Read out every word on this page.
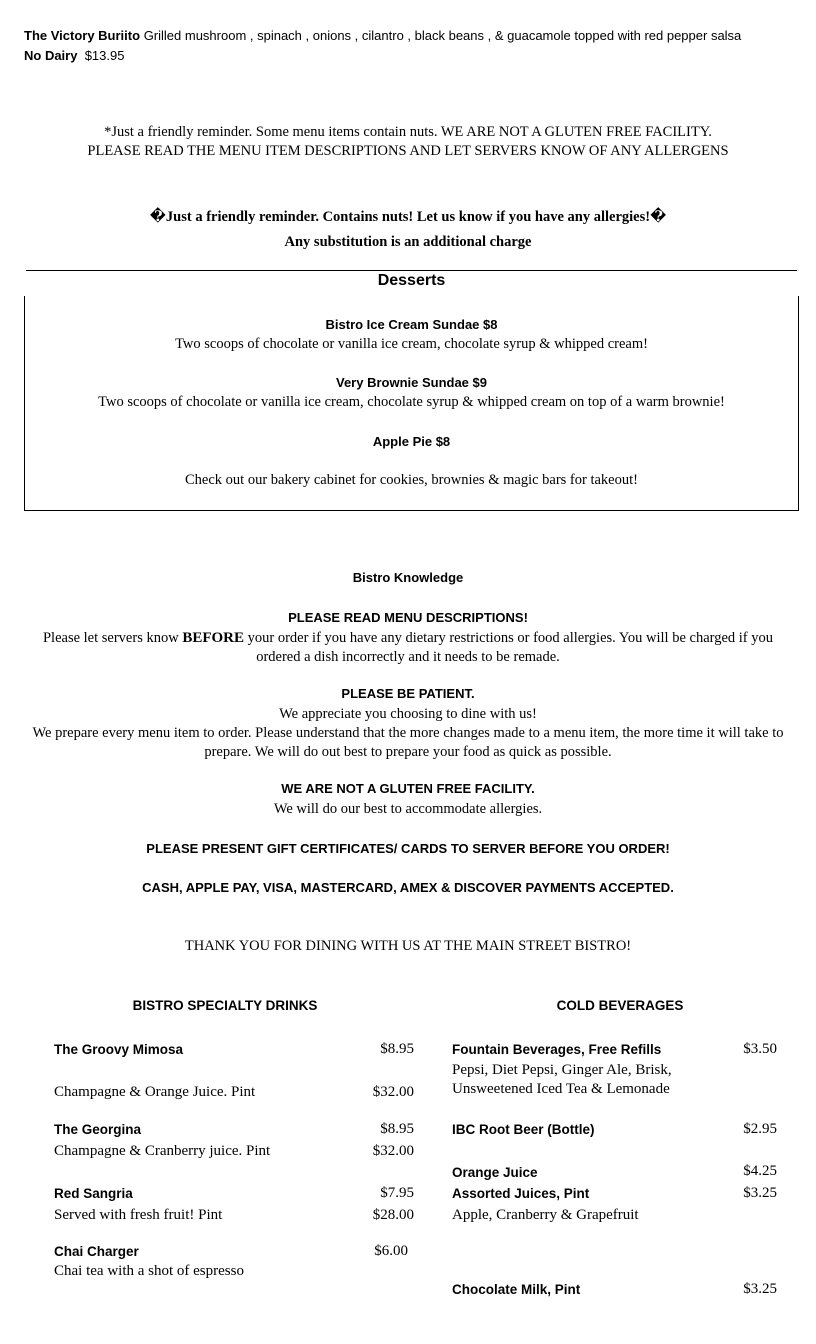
The Victory Buriito Grilled mushroom , spinach , onions , cilantro , black beans , & guacamole topped with red pepper salsa
No Dairy $13.95
*Just a friendly reminder. Some menu items contain nuts. WE ARE NOT A GLUTEN FREE FACILITY.
PLEASE READ THE MENU ITEM DESCRIPTIONS AND LET SERVERS KNOW OF ANY ALLERGENS
�Just a friendly reminder. Contains nuts! Let us know if you have any allergies!�
Any substitution is an additional charge
Desserts
Bistro Ice Cream Sundae $8
Two scoops of chocolate or vanilla ice cream, chocolate syrup & whipped cream!
Very Brownie Sundae $9
Two scoops of chocolate or vanilla ice cream, chocolate syrup & whipped cream on top of a warm brownie!
Apple Pie $8
Check out our bakery cabinet for cookies, brownies & magic bars for takeout!
Bistro Knowledge
PLEASE READ MENU DESCRIPTIONS!
Please let servers know BEFORE your order if you have any dietary restrictions or food allergies. You will be charged if you ordered a dish incorrectly and it needs to be remade.
PLEASE BE PATIENT.
We appreciate you choosing to dine with us!
We prepare every menu item to order. Please understand that the more changes made to a menu item, the more time it will take to prepare. We will do out best to prepare your food as quick as possible.
WE ARE NOT A GLUTEN FREE FACILITY.
We will do our best to accommodate allergies.
PLEASE PRESENT GIFT CERTIFICATES/ CARDS TO SERVER BEFORE YOU ORDER!
CASH, APPLE PAY, VISA, MASTERCARD, AMEX & DISCOVER PAYMENTS ACCEPTED.
THANK YOU FOR DINING WITH US AT THE MAIN STREET BISTRO!
BISTRO SPECIALTY DRINKS	COLD BEVERAGES
The Groovy Mimosa	$8.95
Champagne & Orange Juice. Pint	$32.00
The Georgina	$8.95
Champagne & Cranberry juice. Pint	$32.00
Red Sangria	$7.95
Served with fresh fruit! Pint	$28.00
Chai Charger	$6.00
Chai tea with a shot of espresso
Fountain Beverages, Free Refills	$3.50
Pepsi, Diet Pepsi, Ginger Ale, Brisk, Unsweetened Iced Tea & Lemonade
IBC Root Beer (Bottle)	$2.95
Orange Juice	$4.25
Assorted Juices, Pint	$3.25
Apple, Cranberry & Grapefruit
Chocolate Milk, Pint	$3.25
